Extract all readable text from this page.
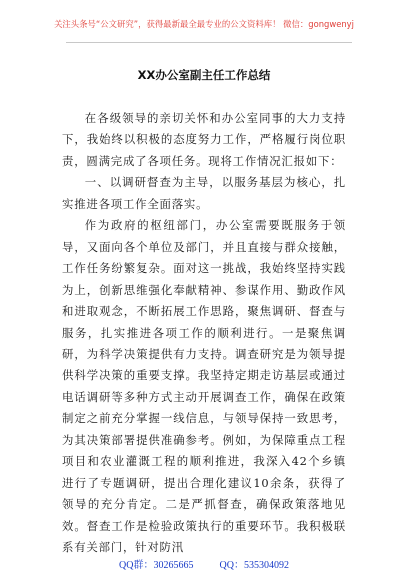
关注头条号“公文研究”，获得最新最全最专业的公文资料库！ 微信：gongwenyj
XX办公室副主任工作总结

在各级领导的亲切关怀和办公室同事的大力支持下，我始终以积极的态度努力工作，严格履行岗位职责，圆满完成了各项任务。现将工作情况汇报如下：

一、以调研督查为主导，以服务基层为核心，扎实推进各项工作全面落实。

作为政府的枢纽部门，办公室需要既服务于领导，又面向各个单位及部门，并且直接与群众接触，工作任务纷繁复杂。面对这一挑战，我始终坚持实践为上，创新思维强化奉献精神、参谋作用、勤政作风和进取观念，不断拓展工作思路，聚焦调研、督查与服务，扎实推进各项工作的顺利进行。一是聚焦调研，为科学决策提供有力支持。调查研究是为领导提供科学决策的重要支撑。我坚持定期走访基层或通过电话调研等多种方式主动开展调查工作，确保在政策制定之前充分掌握一线信息，与领导保持一致思考，为其决策部署提供准确参考。例如，为保障重点工程项目和农业灌溉工程的顺利推进，我深入42个乡镇进行了专题调研，提出合理化建议10余条，获得了领导的充分肯定。二是严抓督查，确保政策落地见效。督查工作是检验政策执行的重要环节。我积极联系有关部门，针对防汛

QQ群：30265665	QQ：535304092
